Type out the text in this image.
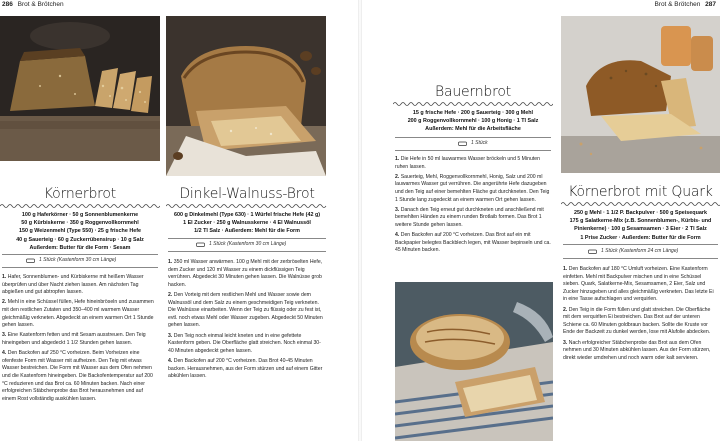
286 Brot & Brötchen	Brot & Brötchen 287
Körnerbrot
100 g Haferkörner · 50 g Sonnenblumenkerne
50 g Kürbiskerne · 350 g Roggenvollkornmehl
150 g Weizenmehl (Type 550) · 25 g frische Hefe
40 g Sauerteig · 60 g Zuckerrübensirup · 10 g Salz
Außerdem: Butter für die Form · Sesam
1 Stück (Kastenform 30 cm Länge)

1. Hafer, Sonnenblumen- und Kürbiskerne mit heißem Wasser überprüfen und über Nacht ziehen lassen. Am nächsten Tag abgießen und gut abtropfen lassen.

2. Mehl in eine Schüssel füllen, Hefe hineinbröseln und zusammen mit den restlichen Zutaten und 350–400 ml warmem Wasser gleichmäßig verkneten. Abgedeckt an einem warmen Ort 1 Stunde gehen lassen.

3. Eine Kastenform fetten und mit Sesam ausstreuen. Den Teig hineingeben und abgedeckt 1 1/2 Stunden gehen lassen.

4. Den Backofen auf 250 °C vorheizen. Beim Vorheizen eine ofenfeste Form mit Wasser mit aufheizen. Den Teig mit etwas Wasser bestreichen. Die Form mit Wasser aus dem Ofen nehmen und die Kastenform hineingeben. Die Backofentemperatur auf 200 °C reduzieren und das Brot ca. 60 Minuten backen. Nach einer erfolgreichen Stäbchenprobe das Brot herausnehmen und auf einem Rost vollständig auskühlen lassen.

Dinkel-Walnuss-Brot
600 g Dinkelmehl (Type 630) · 1 Würfel frische Hefe (42 g)
1 El Zucker · 250 g Walnusskerne · 4 El Walnussöl
1/2 Tl Salz · Außerdem: Mehl für die Form
1 Stück (Kastenform 30 cm Länge)

1. 350 ml Wasser anwärmen. 100 g Mehl mit der zerbröselten Hefe, dem Zucker und 120 ml Wasser zu einem dickflüssigen Teig verrühren. Abgedeckt 30 Minuten gehen lassen. Die Walnüsse grob hacken.

2. Den Vorteig mit dem restlichen Mehl und Wasser sowie dem Walnussöl und dem Salz zu einem geschmeidigen Teig verkneten. Die Walnüsse einarbeiten. Wenn der Teig zu flüssig oder zu fest ist, evtl. noch etwas Mehl oder Wasser zugeben. Abgedeckt 50 Minuten gehen lassen.

3. Den Teig noch einmal leicht kneten und in eine gefettete Kastenform geben. Die Oberfläche glatt streichen. Noch einmal 30-40 Minuten abgedeckt gehen lassen.

4. Den Backofen auf 200 °C vorheizen. Das Brot 40-45 Minuten backen. Herausnehmen, aus der Form stürzen und auf einem Gitter abkühlen lassen.

Bauernbrot
15 g frische Hefe · 200 g Sauerteig · 300 g Mehl
200 g Roggenvollkornmehl · 100 g Honig · 1 Tl Salz
Außerdem: Mehl für die Arbeitsfläche
1 Stück

1. Die Hefe in 50 ml lauwarmes Wasser bröckeln und 5 Minuten ruhen lassen.

2. Sauerteig, Mehl, Roggenvollkornmehl, Honig, Salz und 200 ml lauwarmes Wasser gut verrühren. Die angerührte Hefe dazugeben und den Teig auf einer bemehlten Fläche gut durchkneten. Den Teig 1 Stunde lang zugedeckt an einem warmen Ort gehen lassen.

3. Danach den Teig erneut gut durchkneten und anschließend mit bemehlten Händen zu einem runden Brotlaib formen. Das Brot 1 weitere Stunde gehen lassen.

4. Den Backofen auf 200 °C vorheizen. Das Brot auf ein mit Backpapier belegtes Backblech legen, mit Wasser bepinseln und ca. 45 Minuten backen.

Körnerbrot mit Quark
250 g Mehl · 1 1/2 P. Backpulver · 500 g Speisequark
175 g Salatkerne-Mix (z.B. Sonnenblumen-, Kürbis- und
Pinienkerne) · 100 g Sesamsamen · 3 Eier · 2 Tl Salz
1 Prise Zucker · Außerdem: Butter für die Form
1 Stück (Kastenform 24 cm Länge)

1. Den Backofen auf 180 °C Umluft vorheizen. Eine Kastenform einfetten. Mehl mit Backpulver mischen und in eine Schüssel sieben. Quark, Salatkerne-Mix, Sesamsamen, 2 Eier, Salz und Zucker hinzugeben und alles gleichmäßig verkneten. Das letzte Ei in eine Tasse aufschlagen und verquirlen.

2. Den Teig in die Form füllen und glatt streichen. Die Oberfläche mit dem verquirlten Ei bestreichen. Das Brot auf der unteren Schiene ca. 60 Minuten goldbraun backen. Sollte die Kruste vor Ende der Backzeit zu dunkel werden, lose mit Alufolie abdecken.

3. Nach erfolgreicher Stäbchenprobe das Brot aus dem Ofen nehmen und 30 Minuten abkühlen lassen. Aus der Form stürzen, direkt wieder umdrehen und noch warm oder kalt servieren.
